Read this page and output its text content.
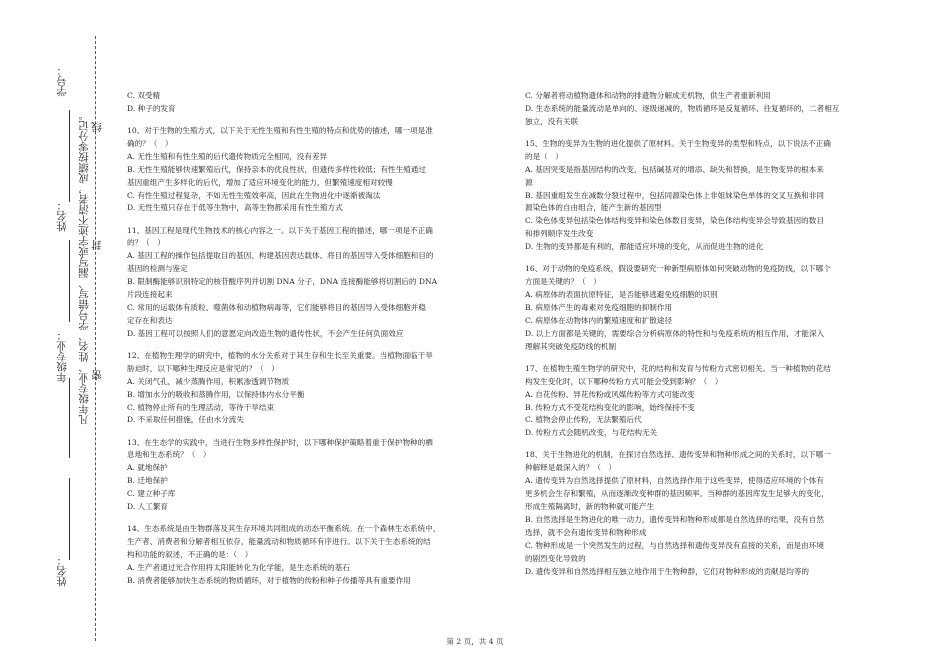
学号：
姓名：
年级专业：
姓名：
凡年级专业、姓名、学号错写、漏写或字迹不清者，成绩按零分记。 线
封
密

C. 双受精

D. 种子的发育

10、对于生物的生殖方式，以下关于无性生殖和有性生殖的特点和优势的描述，哪一项是准

确的？（　）

A. 无性生殖和有性生殖的后代遗传物质完全相同，没有差异

B. 无性生殖能够快速繁殖后代，保持亲本的优良性状，但遗传多样性较低；有性生殖通过

基因重组产生多样化的后代，增加了适应环境变化的能力，但繁殖速度相对较慢

C. 有性生殖过程复杂，不如无性生殖效率高，因此在生物进化中逐渐被淘汰

D. 无性生殖只存在于低等生物中，高等生物都采用有性生殖方式

11、基因工程是现代生物技术的核心内容之一。以下关于基因工程的描述，哪一项是不正确

的？（　）

A. 基因工程的操作包括提取目的基因、构建基因表达载体、将目的基因导入受体细胞和目的

基因的检测与鉴定

B. 限制酶能够识别特定的核苷酸序列并切割 DNA 分子，DNA 连接酶能够将切割后的 DNA

片段连接起来

C. 常用的运载体有质粒、噬菌体和动植物病毒等，它们能够将目的基因导入受体细胞并稳

定存在和表达

D. 基因工程可以按照人们的意愿定向改造生物的遗传性状，不会产生任何负面效应

12、在植物生理学的研究中，植物的水分关系对于其生存和生长至关重要。当植物面临干旱

胁迫时，以下哪种生理反应是常见的？（　）

A. 关闭气孔，减少蒸腾作用，积累渗透调节物质

B. 增加水分的吸收和蒸腾作用，以保持体内水分平衡

C. 植物停止所有的生理活动，等待干旱结束

D. 不采取任何措施，任由水分流失

13、在生态学的实践中，当进行生物多样性保护时，以下哪种保护策略着重于保护物种的栖

息地和生态系统？（　）

A. 就地保护

B. 迁地保护

C. 建立种子库

D. 人工繁育

14、生态系统是由生物群落及其生存环境共同组成的动态平衡系统。在一个森林生态系统中，

生产者、消费者和分解者相互依存，能量流动和物质循环有序进行。以下关于生态系统的结

构和功能的叙述，不正确的是：（　）

A. 生产者通过光合作用将太阳能转化为化学能，是生态系统的基石

B. 消费者能够加快生态系统的物质循环，对于植物的传粉和种子传播等具有重要作用

C. 分解者将动植物遗体和动物的排遗物分解成无机物，供生产者重新利用

D. 生态系统的能量流动是单向的、逐级递减的，物质循环是反复循环、往复循环的，二者相互

独立，没有关联

15、生物的变异为生物的进化提供了原材料。关于生物变异的类型和特点，以下说法不正确

的是（　）

A. 基因突变是指基因结构的改变，包括碱基对的增添、缺失和替换，是生物变异的根本来

源

B. 基因重组发生在减数分裂过程中，包括同源染色体上非姐妹染色单体的交叉互换和非同

源染色体的自由组合，能产生新的基因型

C. 染色体变异包括染色体结构变异和染色体数目变异，染色体结构变异会导致基因的数目

和排列顺序发生改变

D. 生物的变异都是有利的，都能适应环境的变化，从而促进生物的进化

16、对于动物的免疫系统，假设要研究一种新型病原体如何突破动物的免疫防线，以下哪个

方面是关键的？（　）

A. 病原体的表面抗原特征，是否能够逃避免疫细胞的识别

B. 病原体产生的毒素对免疫细胞的抑制作用

C. 病原体在动物体内的繁殖速度和扩散途径

D. 以上方面都是关键的，需要综合分析病原体的特性和与免疫系统的相互作用，才能深入

理解其突破免疫防线的机制

17、在植物生殖生物学的研究中，花的结构和发育与传粉方式密切相关。当一种植物的花结

构发生变化时，以下哪种传粉方式可能会受到影响？（　）

A. 自花传粉、异花传粉或风媒传粉等方式可能改变

B. 传粉方式不受花结构变化的影响，始终保持不变

C. 植物会停止传粉，无法繁殖后代

D. 传粉方式会随机改变，与花结构无关

18、关于生物进化的机制，在探讨自然选择、遗传变异和物种形成之间的关系时，以下哪一

种解释是最深入的？（　）

A. 遗传变异为自然选择提供了原材料，自然选择作用于这些变异，使得适应环境的个体有

更多机会生存和繁殖，从而逐渐改变种群的基因频率。当种群的基因库发生足够大的变化，

形成生殖隔离时，新的物种就可能产生

B. 自然选择是生物进化的唯一动力，遗传变异和物种形成都是自然选择的结果，没有自然

选择，就不会有遗传变异和物种形成

C. 物种形成是一个突然发生的过程，与自然选择和遗传变异没有直接的关系，而是由环境

的剧烈变化导致的

D. 遗传变异和自然选择相互独立地作用于生物种群，它们对物种形成的贡献是均等的

第 2 页，共 4 页
